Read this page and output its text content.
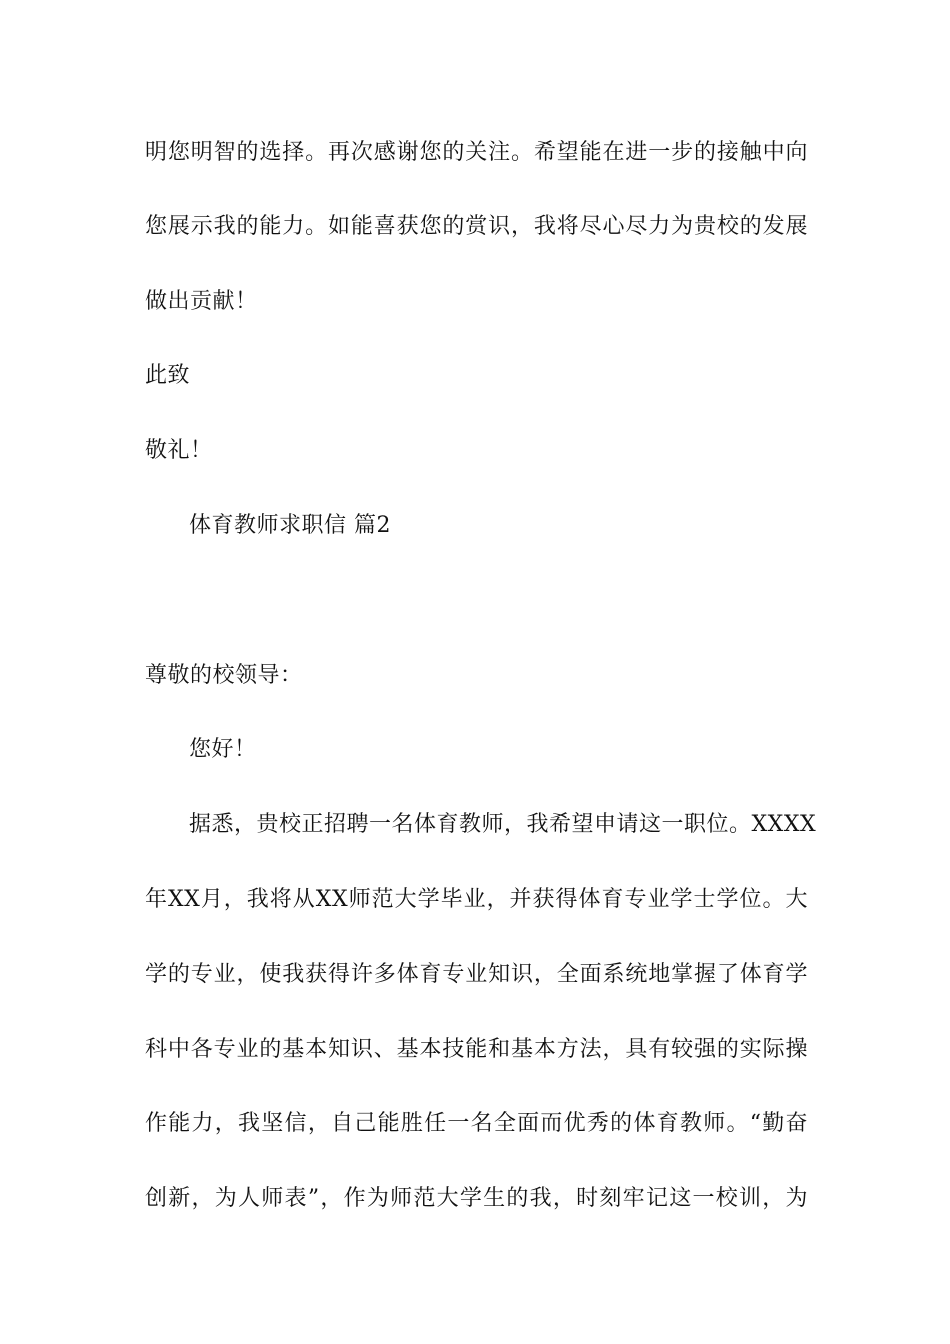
明您明智的选择。再次感谢您的关注。希望能在进一步的接触中向
您展示我的能力。如能喜获您的赏识，我将尽心尽力为贵校的发展
做出贡献！
此致
敬礼！
体育教师求职信 篇2
尊敬的校领导：
您好！
据悉，贵校正招聘一名体育教师，我希望申请这一职位。XXXX
年XX月，我将从XX师范大学毕业，并获得体育专业学士学位。大
学的专业，使我获得许多体育专业知识，全面系统地掌握了体育学
科中各专业的基本知识、基本技能和基本方法，具有较强的实际操
作能力，我坚信，自己能胜任一名全面而优秀的体育教师。“勤奋
创新，为人师表”，作为师范大学生的我，时刻牢记这一校训，为
